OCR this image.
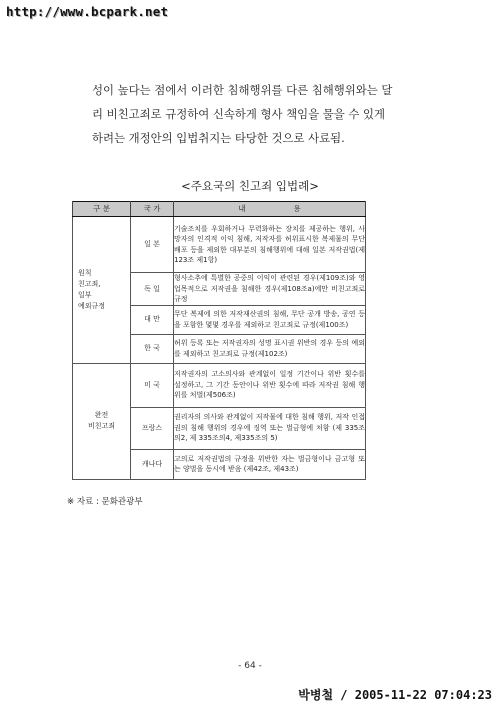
http://www.bcpark.net
성이 높다는 점에서 이러한 침해행위를 다른 침해행위와는 달
리 비친고죄로 규정하여 신속하게 형사 책임을 물을 수 있게
하려는 개정안의 입법취지는 타당한 것으로 사료됨.
<주요국의 친고죄 입법례>
구 분	국 가	내                    용
원칙
친고죄,
일부
예외규정	일 본	기술조치를 우회하거나 무력화하는 장치를 제공하는 행위, 사망자의 인격적 이익 침해, 저작자를 허위표시한 복제물의 무단배포 등을 제외한 대부분의 침해행위에 대해 일본 저작권법(제123조 제1항)
	독 일	형사소추에 특별한 공중의 이익이 관련된 경우(제109조)와 영업목적으로 저작권을 침해한 경우(제108조a)에만 비친고죄로 규정
	대 만	무단 복제에 의한 저작재산권의 침해, 무단 공개 방송, 공연 등을 포함한 몇몇 경우를 제외하고 친고죄로 규정(제100조)
	한 국	허위 등록 또는 저작권자의 성명 표시권 위반의 경우 등의 예외를 제외하고 친고죄로 규정(제102조)
완전
비친고죄	미 국	저작권자의 고소의사와 관계없이 일정 기간이나 위반 횟수를 설정하고, 그 기간 동안이나 위반 횟수에 따라 저작권 침해 행위를 처벌(제506조)
	프랑스	권리자의 의사와 관계없이 저작물에 대한 침해 행위, 저작 인접권의 침해 행위의 경우에 징역 또는 벌금형에 처함 (제 335조의2, 제 335조의4, 제335조의 5)
	캐나다	고의로 저작권법의 규정을 위반한 자는 벌금형이나 금고형 또는 양벌을 동시에 받음 (제42조, 제43조)
※ 자료 : 문화관광부
- 64 -
박병철 / 2005-11-22 07:04:23
